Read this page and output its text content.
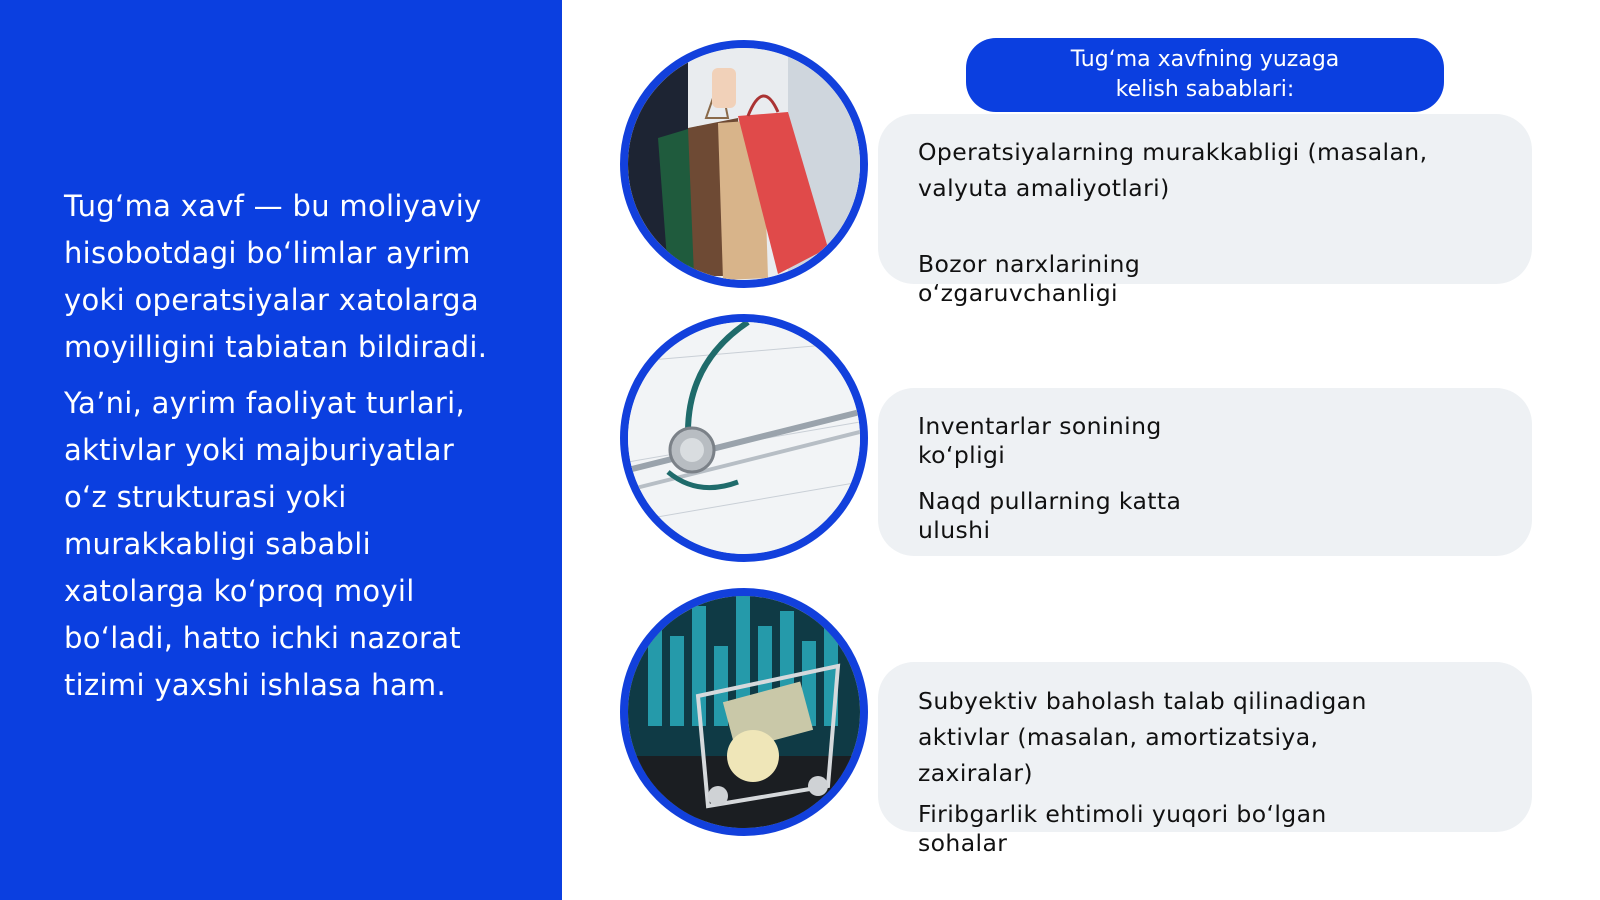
Tug‘ma xavf — bu moliyaviy hisobotdagi bo‘limlar ayrim yoki operatsiyalar xatolarga moyilligini tabiatan bildiradi.

Ya’ni, ayrim faoliyat turlari, aktivlar yoki majburiyatlar o‘z strukturasi yoki murakkabligi sababli xatolarga ko‘proq moyil bo‘ladi, hatto ichki nazorat tizimi yaxshi ishlasa ham.

Tug‘ma xavfning yuzaga kelish sabablari:
Operatsiyalarning murakkabligi (masalan, valyuta amaliyotlari)
Bozor narxlarining o‘zgaruvchanligi
Inventarlar sonining ko‘pligi
Naqd pullarning katta ulushi
Subyektiv baholash talab qilinadigan aktivlar (masalan, amortizatsiya, zaxiralar)
Firibgarlik ehtimoli yuqori bo‘lgan sohalar
